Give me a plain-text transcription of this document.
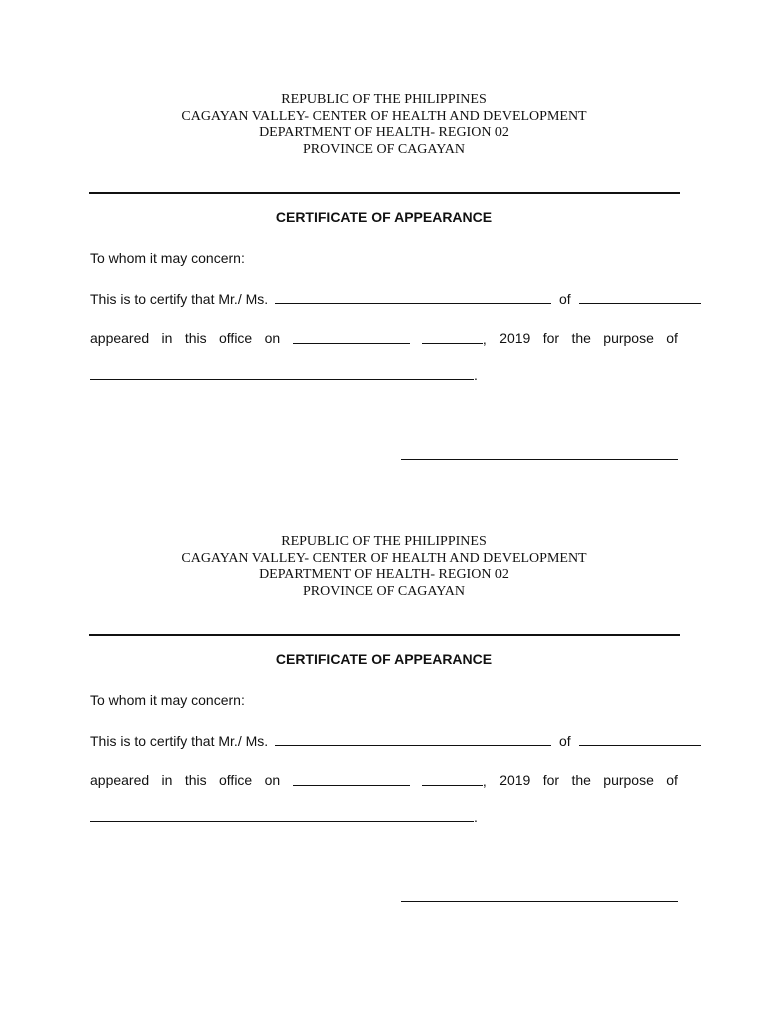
REPUBLIC OF THE PHILIPPINES
CAGAYAN VALLEY- CENTER OF HEALTH AND DEVELOPMENT
DEPARTMENT OF HEALTH- REGION 02
PROVINCE OF CAGAYAN
CERTIFICATE OF APPEARANCE
To whom it may concern:
This is to certify that Mr./ Ms.	of
appeared in this office on	, 2019 for the purpose of
.
REPUBLIC OF THE PHILIPPINES
CAGAYAN VALLEY- CENTER OF HEALTH AND DEVELOPMENT
DEPARTMENT OF HEALTH- REGION 02
PROVINCE OF CAGAYAN
CERTIFICATE OF APPEARANCE
To whom it may concern:
This is to certify that Mr./ Ms.	of
appeared in this office on	, 2019 for the purpose of
.
